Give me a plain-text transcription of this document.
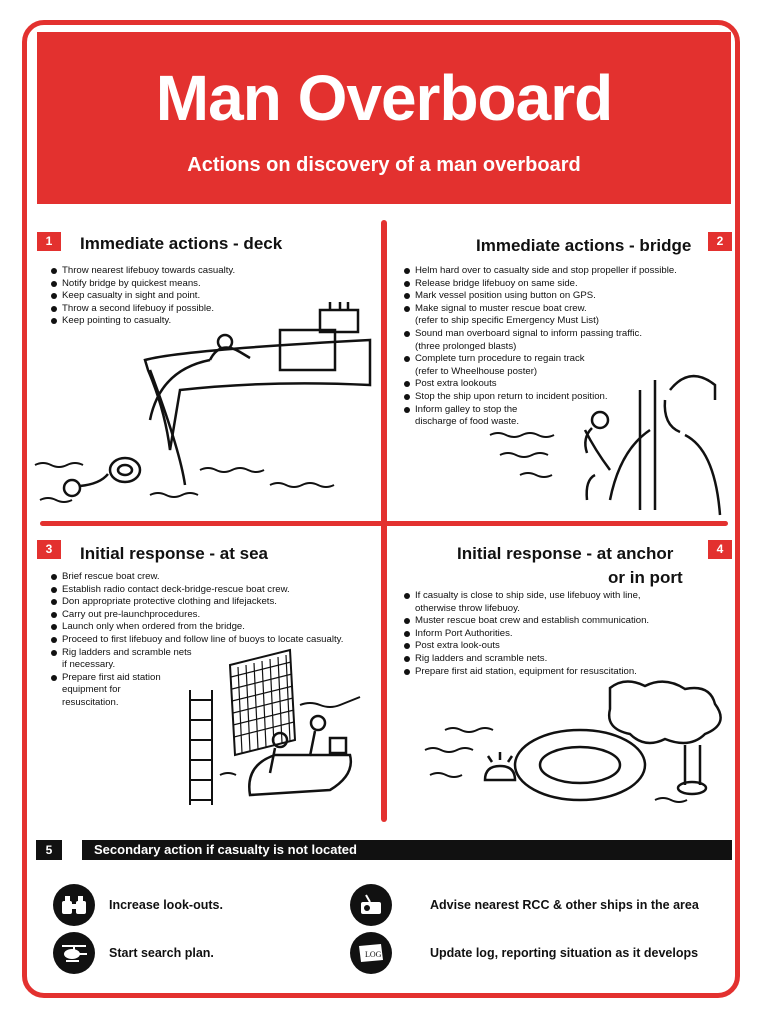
Man Overboard
Actions on discovery of a man overboard
1	Immediate actions - deck
Throw nearest lifebuoy towards casualty.
Notify bridge by quickest means.
Keep casualty in sight and point.
Throw a second lifebuoy if possible.
Keep pointing to casualty.
2
Immediate actions - bridge
Helm hard over to casualty side and stop propeller if possible.
Release bridge lifebuoy on same side.
Mark vessel position using button on GPS.
Make signal to muster rescue boat crew.
(refer to ship specific Emergency Must List)
Sound man overboard signal to inform passing traffic.
(three prolonged blasts)
Complete turn procedure to regain track
(refer to Wheelhouse poster)
Post extra lookouts
Stop the ship upon return to incident position.
Inform galley to stop the
discharge of food waste.
3	Initial response - at sea
Brief rescue boat crew.
Establish radio contact deck-bridge-rescue boat crew.
Don appropriate protective clothing and lifejackets.
Carry out pre-launchprocedures.
Launch only when ordered from the bridge.
Proceed to first lifebuoy and follow line of buoys to locate casualty.
Rig ladders and scramble nets
if necessary.
Prepare first aid station
equipment for
resuscitation.
4
Initial response - at anchor
or in port
If casualty is close to ship side, use lifebuoy with line,
otherwise throw lifebuoy.
Muster rescue boat crew and establish communication.
Inform Port Authorities.
Post extra look-outs
Rig ladders and scramble nets.
Prepare first aid station, equipment for resuscitation.
5	Secondary action if casualty is not located
Increase look-outs.
Start search plan.
Advise nearest RCC & other ships in the area
LOG	Update log, reporting situation as it develops
